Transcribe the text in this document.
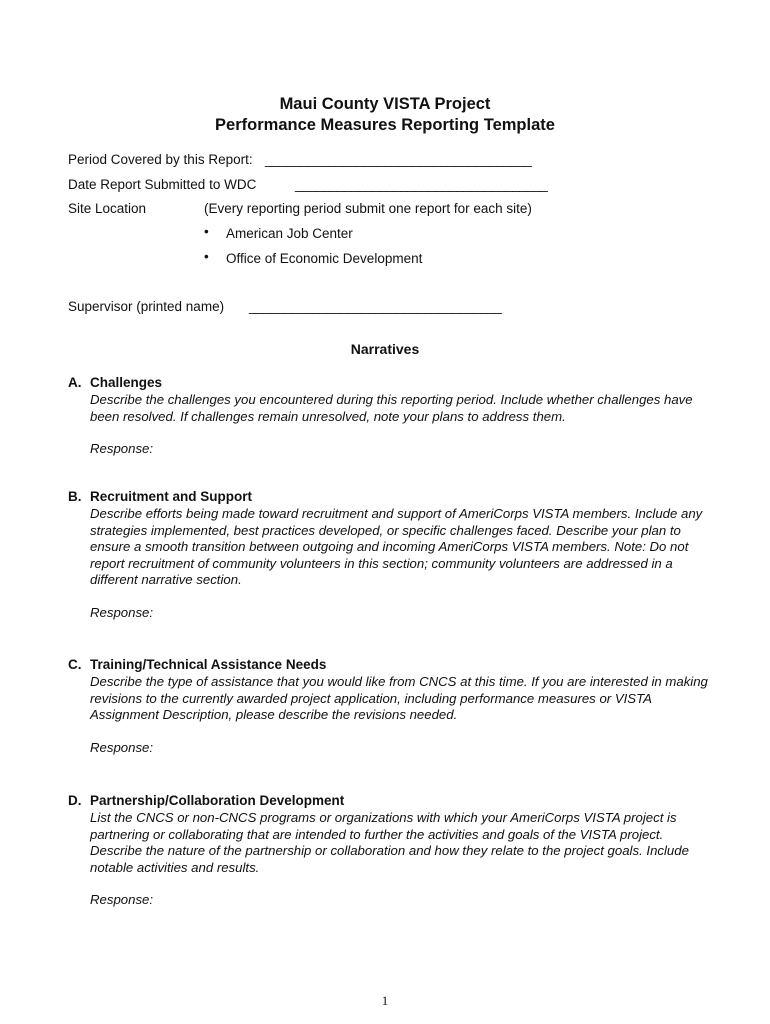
Maui County VISTA Project
Performance Measures Reporting Template
Period Covered by this Report: ______________________________________
Date Report Submitted to WDC	____________________________________
Site Location	(Every reporting period submit one report for each site)
• American Job Center
• Office of Economic Development
Supervisor (printed name) ____________________________________
Narratives
A. Challenges
Describe the challenges you encountered during this reporting period. Include whether challenges have been resolved. If challenges remain unresolved, note your plans to address them.
Response:
B. Recruitment and Support
Describe efforts being made toward recruitment and support of AmeriCorps VISTA members. Include any strategies implemented, best practices developed, or specific challenges faced. Describe your plan to ensure a smooth transition between outgoing and incoming AmeriCorps VISTA members. Note: Do not report recruitment of community volunteers in this section; community volunteers are addressed in a different narrative section.
Response:
C. Training/Technical Assistance Needs
Describe the type of assistance that you would like from CNCS at this time. If you are interested in making revisions to the currently awarded project application, including performance measures or VISTA Assignment Description, please describe the revisions needed.
Response:
D. Partnership/Collaboration Development
List the CNCS or non-CNCS programs or organizations with which your AmeriCorps VISTA project is partnering or collaborating that are intended to further the activities and goals of the VISTA project. Describe the nature of the partnership or collaboration and how they relate to the project goals. Include notable activities and results.
Response:
1
